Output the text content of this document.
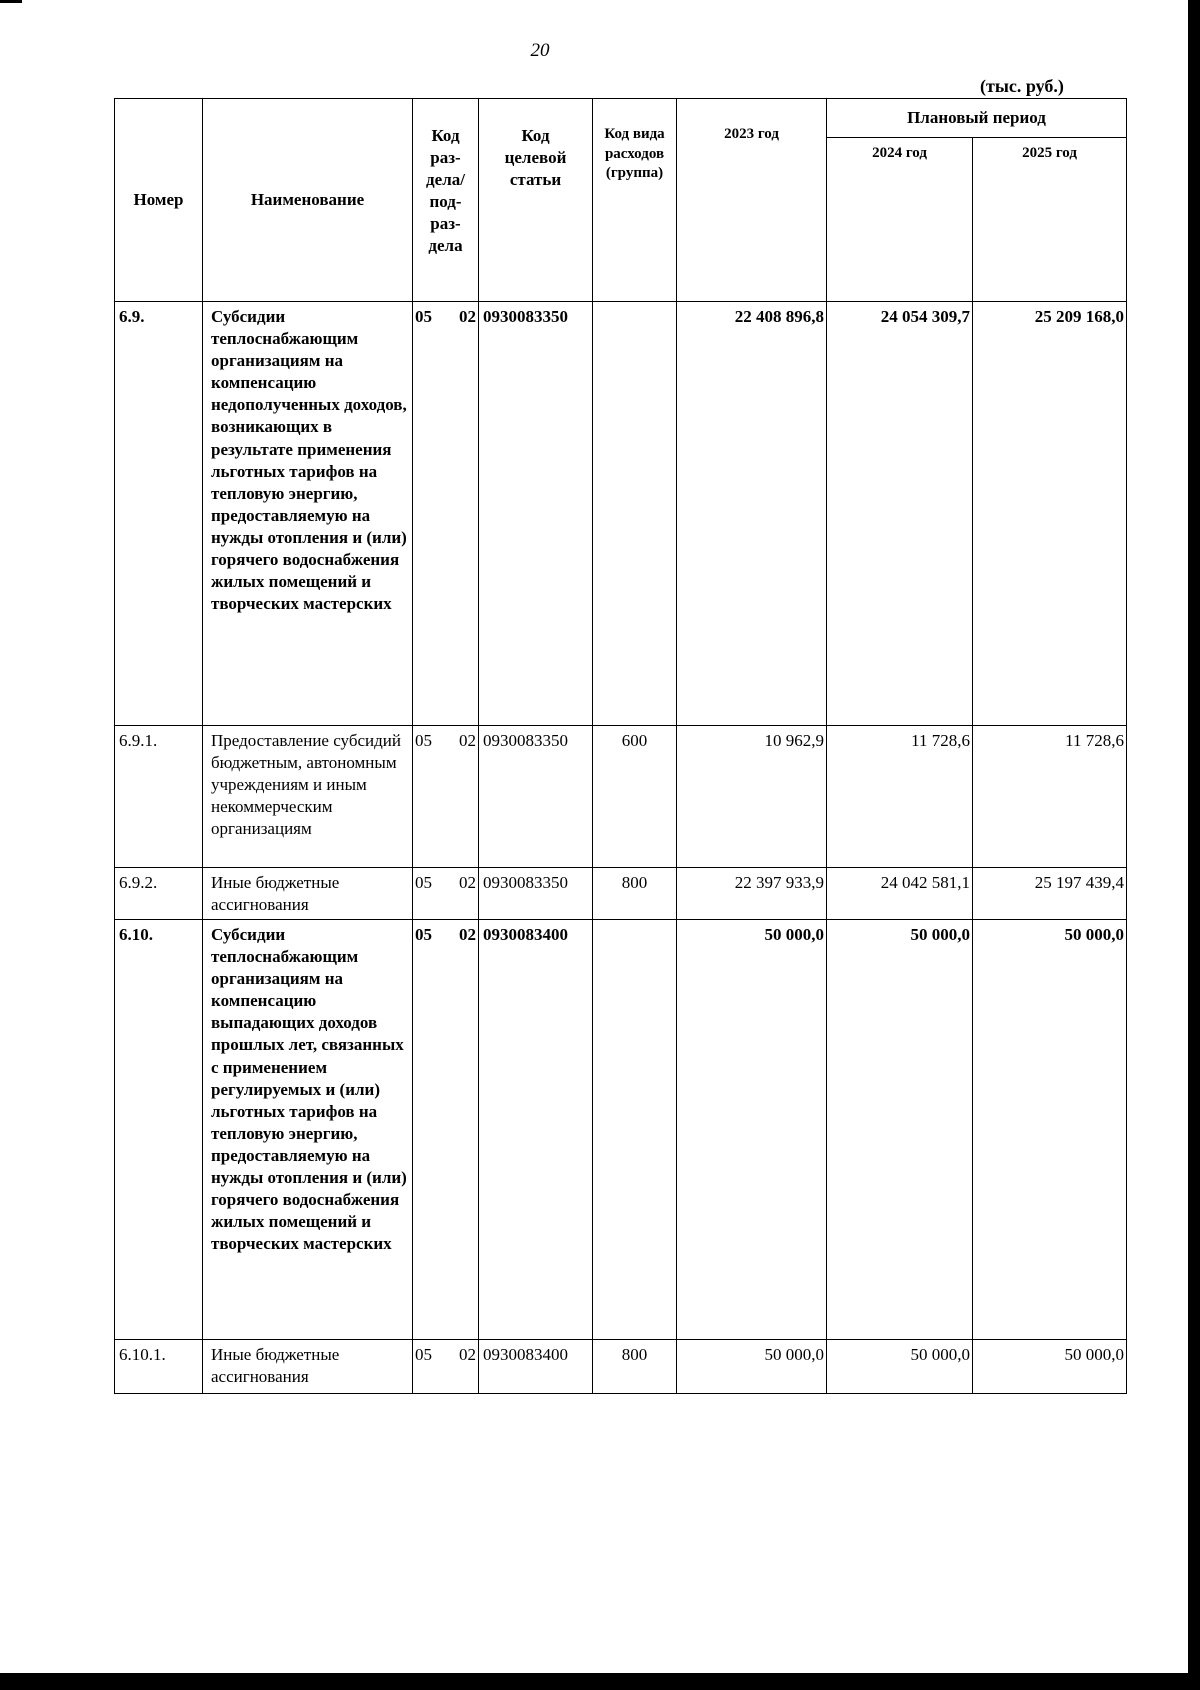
20
(тыс. руб.)
Номер	Наименование	Код раз- дела/ под- раз- дела	Код целевой статьи	Код вида расходов (группа)	2023 год	Плановый период	
						2024 год	2025 год
6.9.	Субсидии теплоснабжающим организациям на компенсацию недополученных доходов, возникающих в результате применения льготных тарифов на тепловую энергию, предоставляемую на нужды отопления и (или) горячего водоснабжения жилых помещений и творческих мастерских	05 02	0930083350		22 408 896,8	24 054 309,7	25 209 168,0
6.9.1.	Предоставление субсидий бюджетным, автономным учреждениям и иным некоммерческим организациям	05 02	0930083350	600	10 962,9	11 728,6	11 728,6
6.9.2.	Иные бюджетные ассигнования	05 02	0930083350	800	22 397 933,9	24 042 581,1	25 197 439,4
6.10.	Субсидии теплоснабжающим организациям на компенсацию выпадающих доходов прошлых лет, связанных с применением регулируемых и (или) льготных тарифов на тепловую энергию, предоставляемую на нужды отопления и (или) горячего водоснабжения жилых помещений и творческих мастерских	05 02	0930083400		50 000,0	50 000,0	50 000,0
6.10.1.	Иные бюджетные ассигнования	05 02	0930083400	800	50 000,0	50 000,0	50 000,0
